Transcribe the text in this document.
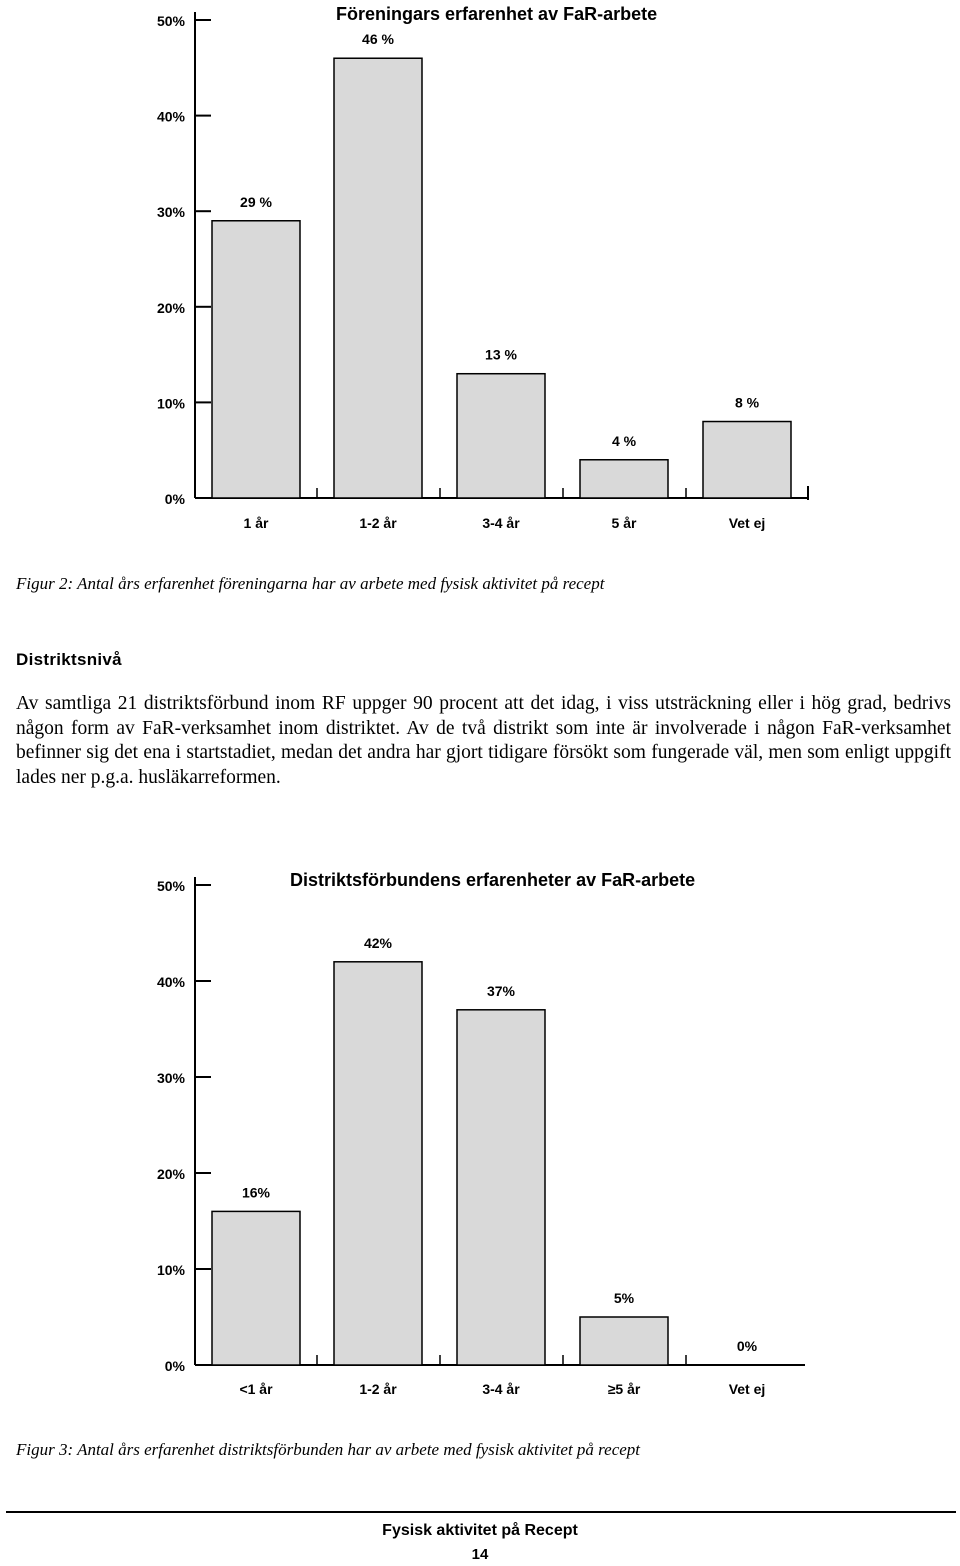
0%
10%
20%
30%
40%
50%
29 %
1 år
46 %
1-2 år
13 %
3-4 år
4 %
5 år
8 %
Vet ej
Föreningars erfarenhet av FaR-arbete
Figur 2: Antal års erfarenhet föreningarna har av arbete med fysisk aktivitet på recept
Distriktsnivå
Av samtliga 21 distriktsförbund inom RF uppger 90 procent att det idag, i viss utsträckning eller i hög grad, bedrivs någon form av FaR-verksamhet inom distriktet. Av de två distrikt som inte är involverade i någon FaR-verksamhet befinner sig det ena i startstadiet, medan det andra har gjort tidigare försökt som fungerade väl, men som enligt uppgift lades ner p.g.a. husläkarreformen.
0%
10%
20%
30%
40%
50%
16%
<1 år
42%
1-2 år
37%
3-4 år
5%
≥5 år
0%
Vet ej
Distriktsförbundens erfarenheter av FaR-arbete
Figur 3: Antal års erfarenhet distriktsförbunden har av arbete med fysisk aktivitet på recept
Fysisk aktivitet på Recept
14
